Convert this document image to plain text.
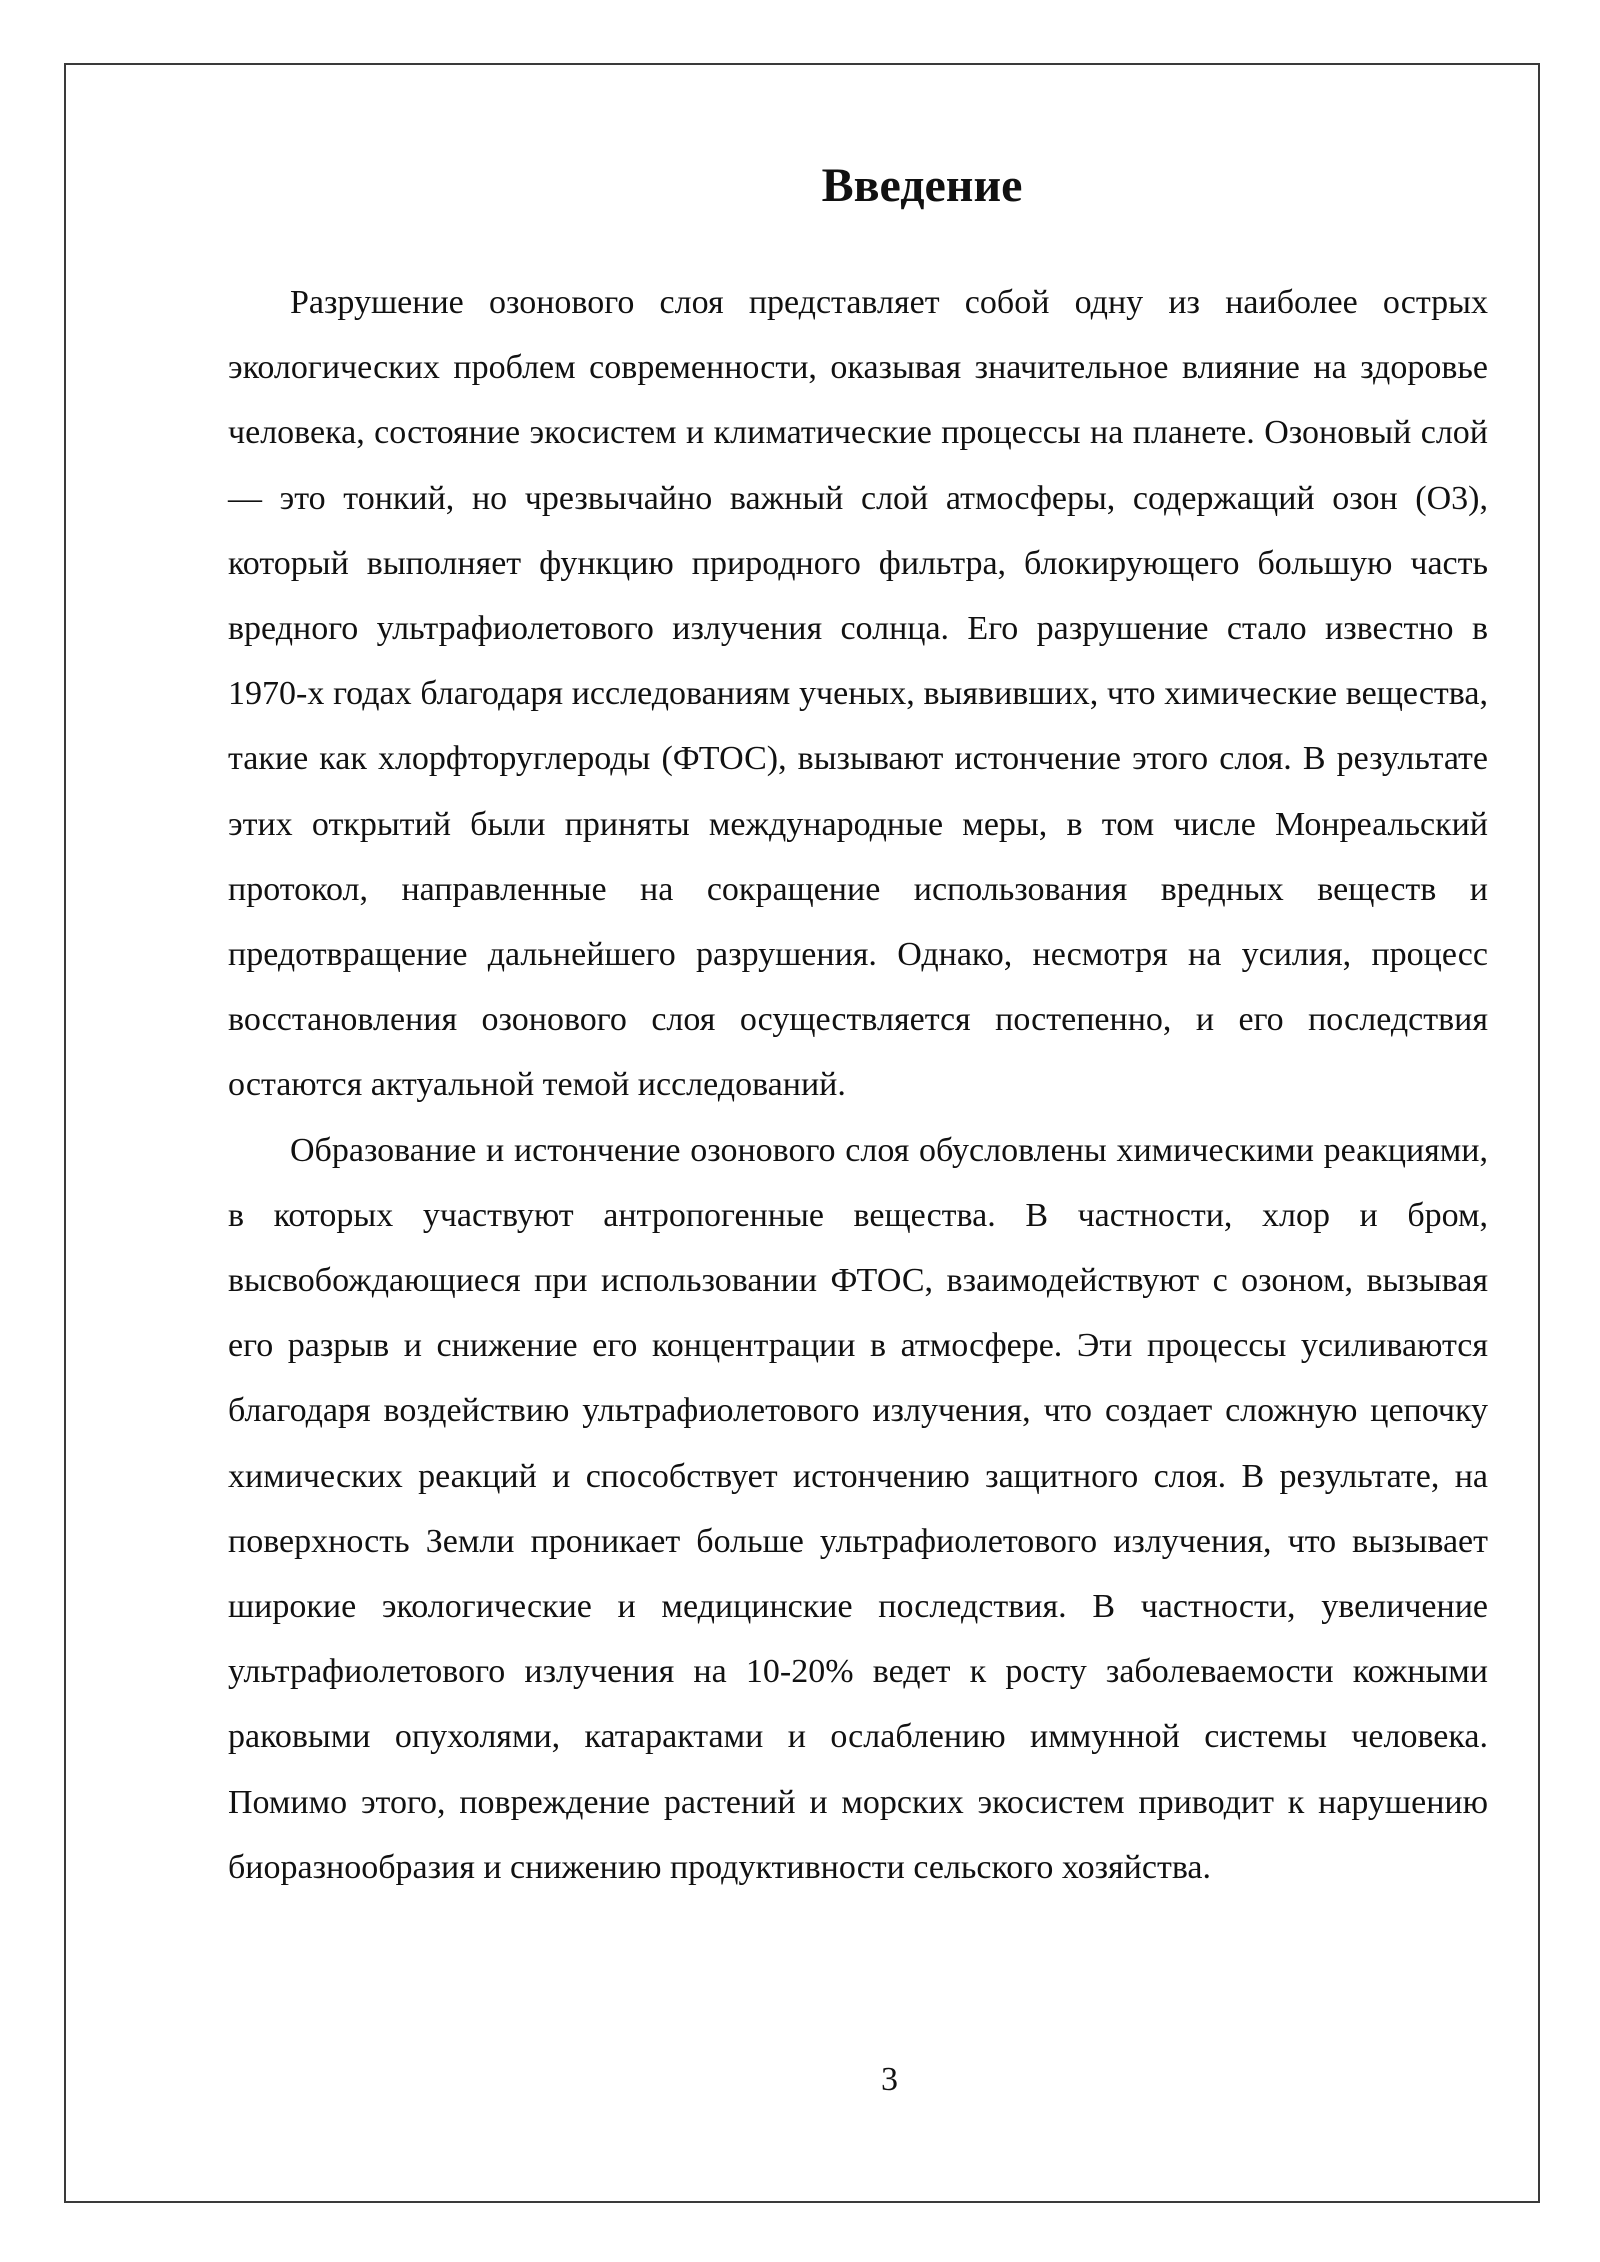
Введение

Разрушение озонового слоя представляет собой одну из наиболее острых экологических проблем современности, оказывая значительное влияние на здоровье человека, состояние экосистем и климатические процессы на планете. Озоновый слой — это тонкий, но чрезвычайно важный слой атмосферы, содержащий озон (O3), который выполняет функцию природного фильтра, блокирующего большую часть вредного ультрафиолетового излучения солнца. Его разрушение стало известно в 1970-х годах благодаря исследованиям ученых, выявивших, что химические вещества, такие как хлорфторуглероды (ФТОС), вызывают истончение этого слоя. В результате этих открытий были приняты международные меры, в том числе Монреальский протокол, направленные на сокращение использования вредных веществ и предотвращение дальнейшего разрушения. Однако, несмотря на усилия, процесс восстановления озонового слоя осуществляется постепенно, и его последствия остаются актуальной темой исследований.

Образование и истончение озонового слоя обусловлены химическими реакциями, в которых участвуют антропогенные вещества. В частности, хлор и бром, высвобождающиеся при использовании ФТОС, взаимодействуют с озоном, вызывая его разрыв и снижение его концентрации в атмосфере. Эти процессы усиливаются благодаря воздействию ультрафиолетового излучения, что создает сложную цепочку химических реакций и способствует истончению защитного слоя. В результате, на поверхность Земли проникает больше ультрафиолетового излучения, что вызывает широкие экологические и медицинские последствия. В частности, увеличение ультрафиолетового излучения на 10-20% ведет к росту заболеваемости кожными раковыми опухолями, катарактами и ослаблению иммунной системы человека. Помимо этого, повреждение растений и морских экосистем приводит к нарушению биоразнообразия и снижению продуктивности сельского хозяйства.

3
